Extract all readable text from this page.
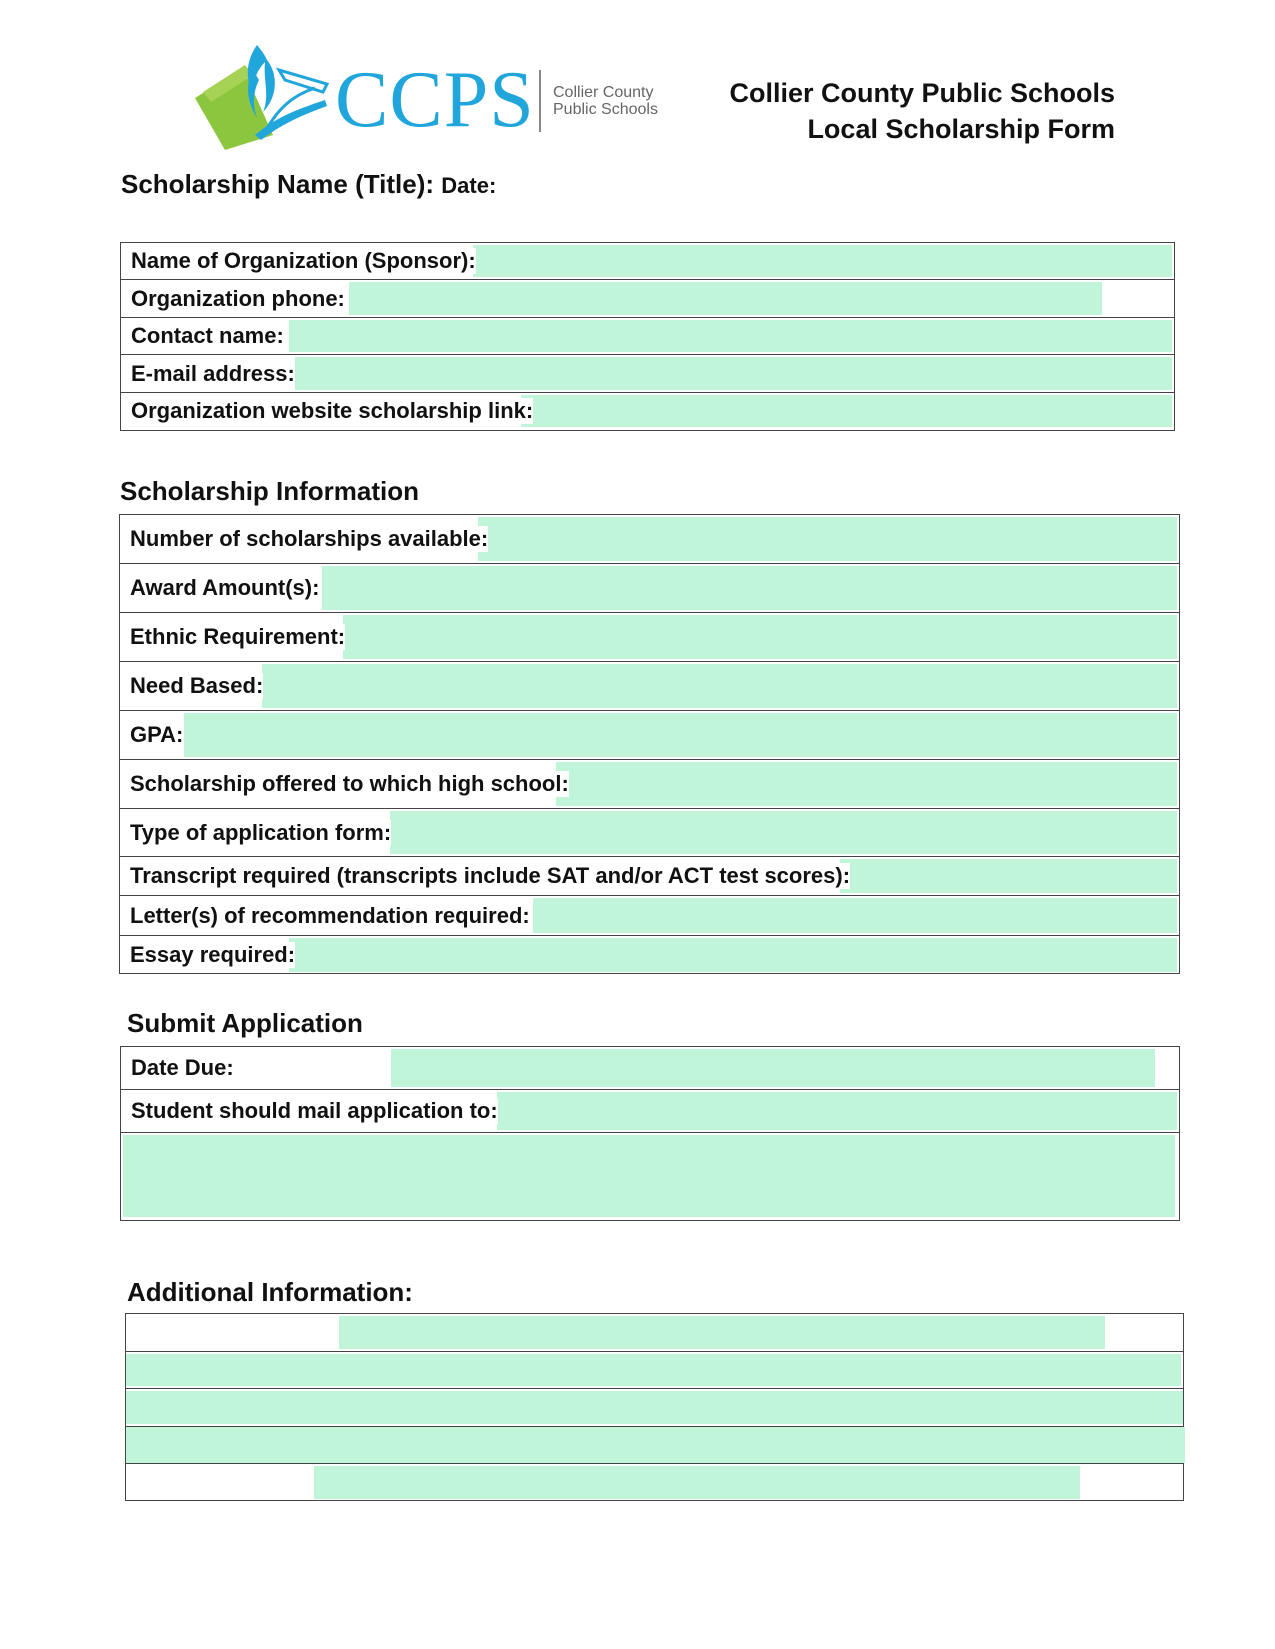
CCPS Collier County
Public Schools
Collier County Public Schools
Local Scholarship Form
Scholarship Name (Title): Date:
Name of Organization (Sponsor):
Organization phone:
Contact name:
E-mail address:
Organization website scholarship link:
Scholarship Information
Number of scholarships available:
Award Amount(s):
Ethnic Requirement:
Need Based:
GPA:
Scholarship offered to which high school:
Type of application form:
Transcript required (transcripts include SAT and/or ACT test scores):
Letter(s) of recommendation required:
Essay required:
Submit Application
Date Due:
Student should mail application to:
Additional Information:
